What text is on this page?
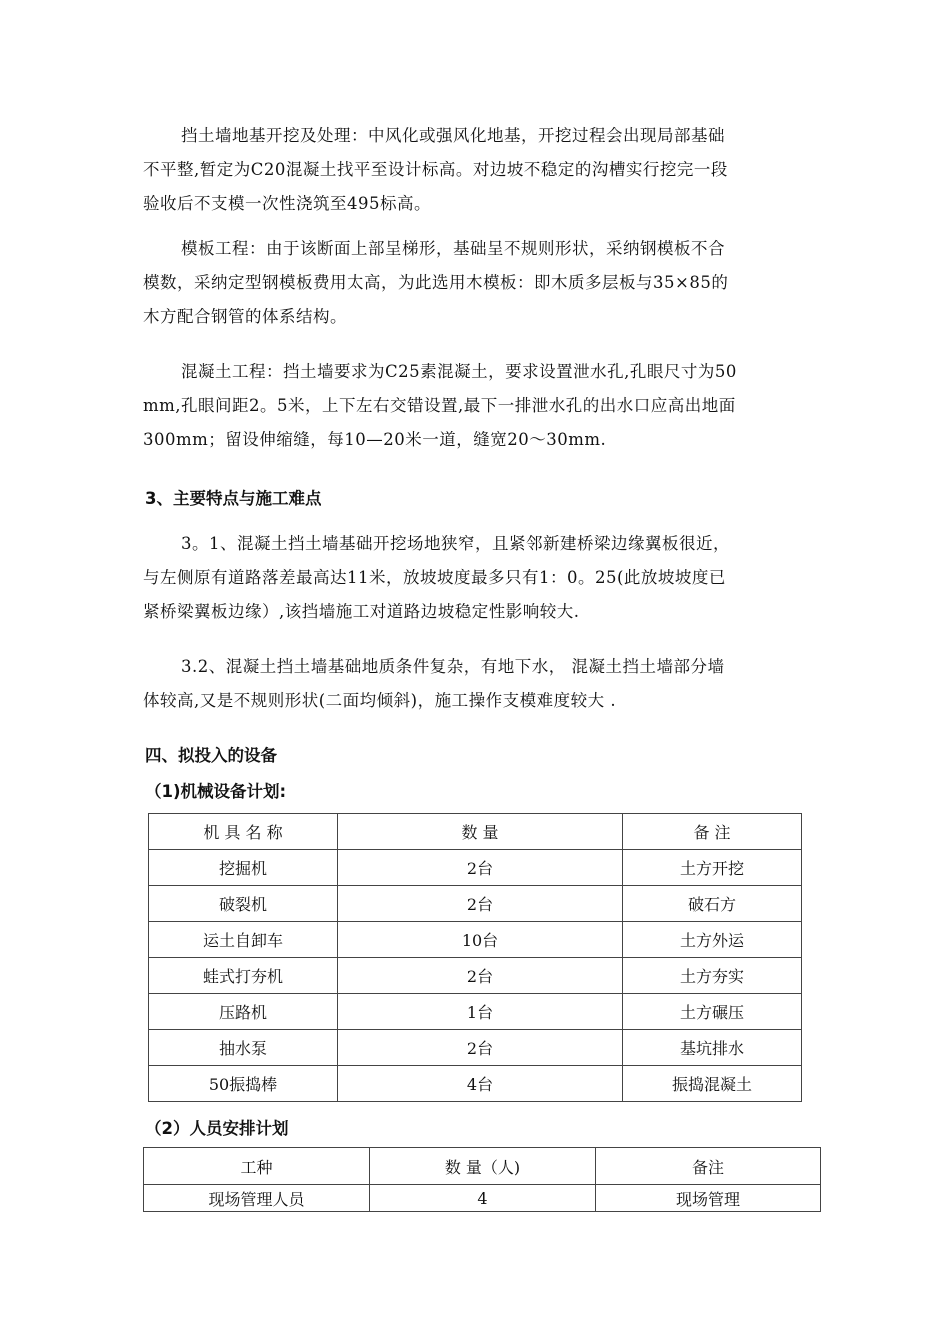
挡土墙地基开挖及处理：中风化或强风化地基，开挖过程会出现局部基础
不平整,暂定为C20混凝土找平至设计标高。对边坡不稳定的沟槽实行挖完一段
验收后不支模一次性浇筑至495标高。
模板工程：由于该断面上部呈梯形，基础呈不规则形状，采纳钢模板不合
模数，采纳定型钢模板费用太高，为此选用木模板：即木质多层板与35×85的
木方配合钢管的体系结构。
混凝土工程：挡土墙要求为C25素混凝土，要求设置泄水孔,孔眼尺寸为50
mm,孔眼间距2。5米，上下左右交错设置,最下一排泄水孔的出水口应高出地面
300mm；留设伸缩缝，每10—20米一道，缝宽20～30mm.
3、主要特点与施工难点
3。1、混凝土挡土墙基础开挖场地狭窄，且紧邻新建桥梁边缘翼板很近，
与左侧原有道路落差最高达11米，放坡坡度最多只有1：0。25(此放坡坡度已
紧桥梁翼板边缘）,该挡墙施工对道路边坡稳定性影响较大.
3.2、混凝土挡土墙基础地质条件复杂，有地下水， 混凝土挡土墙部分墙
体较高,又是不规则形状(二面均倾斜)，施工操作支模难度较大 .
四、拟投入的设备
（1)机械设备计划:
机 具 名 称	数 量	备 注
挖掘机	2台	土方开挖
破裂机	2台	破石方
运土自卸车	10台	土方外运
蛙式打夯机	2台	土方夯实
压路机	1台	土方碾压
抽水泵	2台	基坑排水
50振捣棒	4台	振捣混凝土
（2）人员安排计划
工种	数 量（人)	备注
现场管理人员	4	现场管理
